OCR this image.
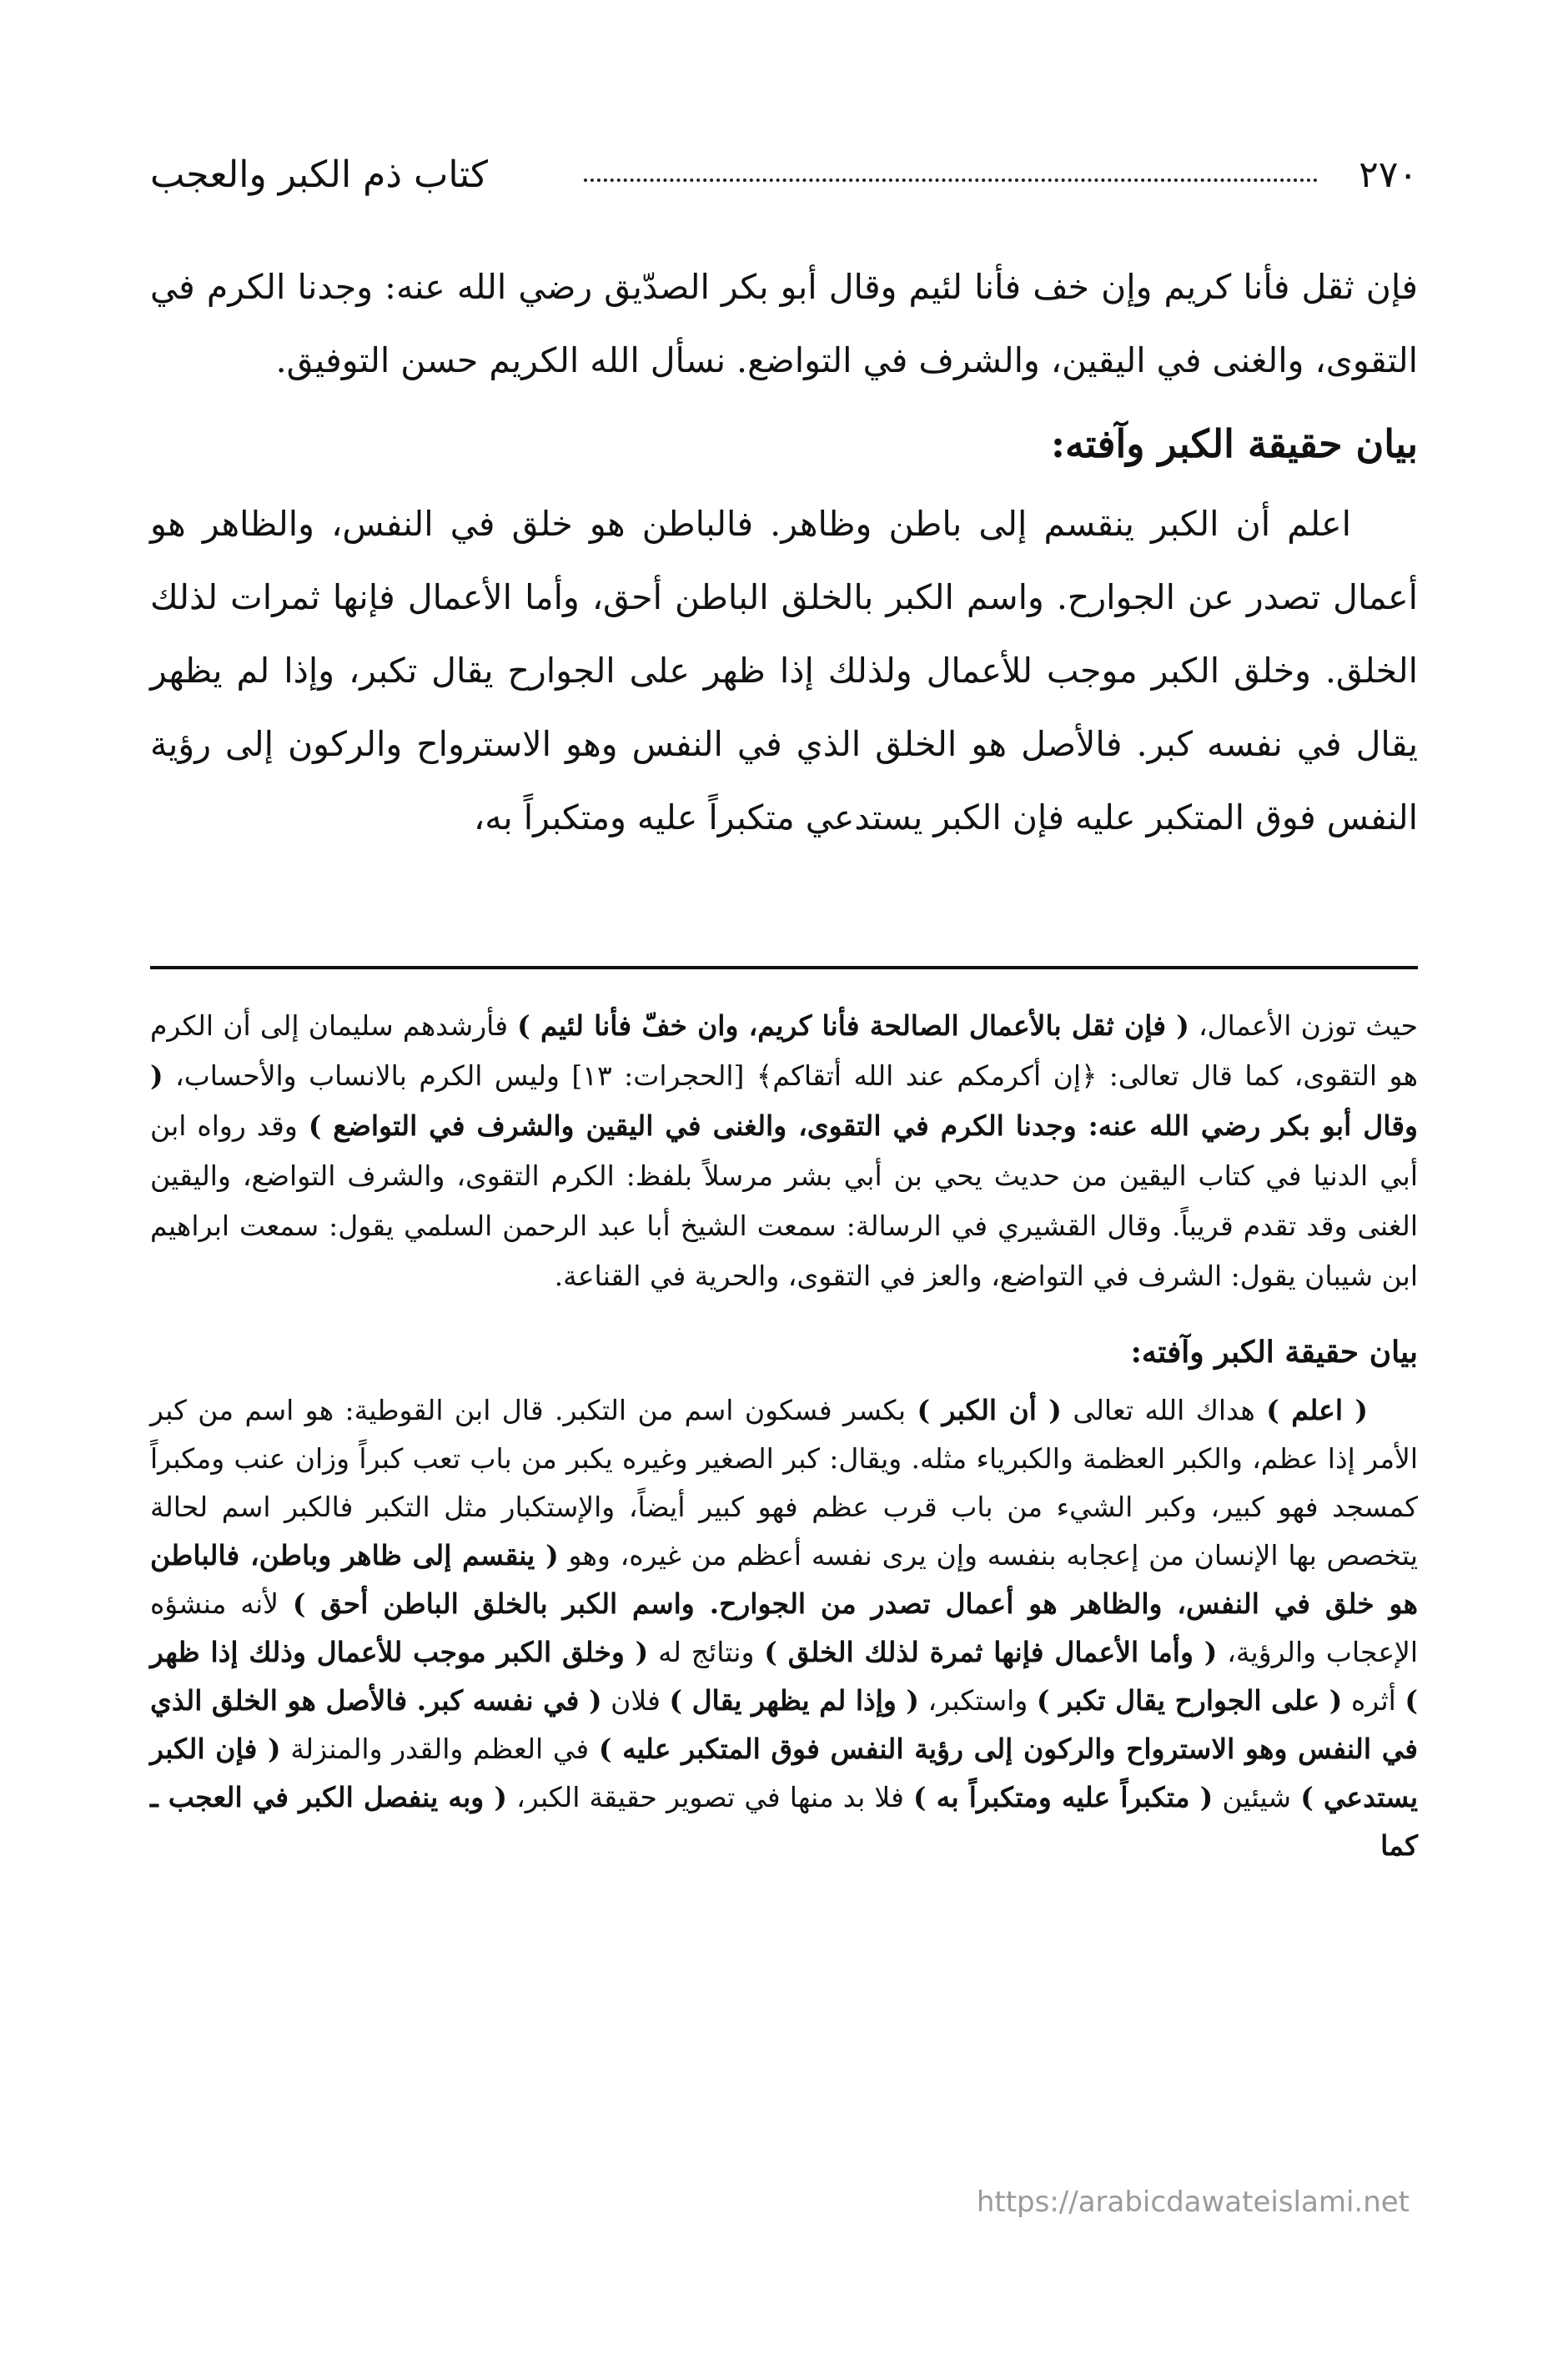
٢٧٠
كتاب ذم الكبر والعجب

فإن ثقل فأنا كريم وإن خف فأنا لئيم وقال أبو بكر الصدّيق رضي الله عنه: وجدنا الكرم في التقوى، والغنى في اليقين، والشرف في التواضع. نسأل الله الكريم حسن التوفيق.

بيان حقيقة الكبر وآفته:

اعلم أن الكبر ينقسم إلى باطن وظاهر. فالباطن هو خلق في النفس، والظاهر هو أعمال تصدر عن الجوارح. واسم الكبر بالخلق الباطن أحق، وأما الأعمال فإنها ثمرات لذلك الخلق. وخلق الكبر موجب للأعمال ولذلك إذا ظهر على الجوارح يقال تكبر، وإذا لم يظهر يقال في نفسه كبر. فالأصل هو الخلق الذي في النفس وهو الاسترواح والركون إلى رؤية النفس فوق المتكبر عليه فإن الكبر يستدعي متكبراً عليه ومتكبراً به،

حيث توزن الأعمال، ( فإن ثقل بالأعمال الصالحة فأنا كريم، وان خفّ فأنا لئيم ) فأرشدهم سليمان إلى أن الكرم هو التقوى، كما قال تعالى: ﴿إن أكرمكم عند الله أتقاكم﴾ [الحجرات: ١٣] وليس الكرم بالانساب والأحساب، ( وقال أبو بكر رضي الله عنه: وجدنا الكرم في التقوى، والغنى في اليقين والشرف في التواضع ) وقد رواه ابن أبي الدنيا في كتاب اليقين من حديث يحي بن أبي بشر مرسلاً بلفظ: الكرم التقوى، والشرف التواضع، واليقين الغنى وقد تقدم قريباً. وقال القشيري في الرسالة: سمعت الشيخ أبا عبد الرحمن السلمي يقول: سمعت ابراهيم ابن شيبان يقول: الشرف في التواضع، والعز في التقوى، والحرية في القناعة.

بيان حقيقة الكبر وآفته:

( اعلم ) هداك الله تعالى ( أن الكبر ) بكسر فسكون اسم من التكبر. قال ابن القوطية: هو اسم من كبر الأمر إذا عظم، والكبر العظمة والكبرياء مثله. ويقال: كبر الصغير وغيره يكبر من باب تعب كبراً وزان عنب ومكبراً كمسجد فهو كبير، وكبر الشيء من باب قرب عظم فهو كبير أيضاً، والإستكبار مثل التكبر فالكبر اسم لحالة يتخصص بها الإنسان من إعجابه بنفسه وإن يرى نفسه أعظم من غيره، وهو ( ينقسم إلى ظاهر وباطن، فالباطن هو خلق في النفس، والظاهر هو أعمال تصدر من الجوارح. واسم الكبر بالخلق الباطن أحق ) لأنه منشؤه الإعجاب والرؤية، ( وأما الأعمال فإنها ثمرة لذلك الخلق ) ونتائج له ( وخلق الكبر موجب للأعمال وذلك إذا ظهر ) أثره ( على الجوارح يقال تكبر ) واستكبر، ( وإذا لم يظهر يقال ) فلان ( في نفسه كبر. فالأصل هو الخلق الذي في النفس وهو الاسترواح والركون إلى رؤية النفس فوق المتكبر عليه ) في العظم والقدر والمنزلة ( فإن الكبر يستدعي ) شيئين ( متكبراً عليه ومتكبراً به ) فلا بد منها في تصوير حقيقة الكبر، ( وبه ينفصل الكبر في العجب ـ كما

https://arabicdawateislami.net
